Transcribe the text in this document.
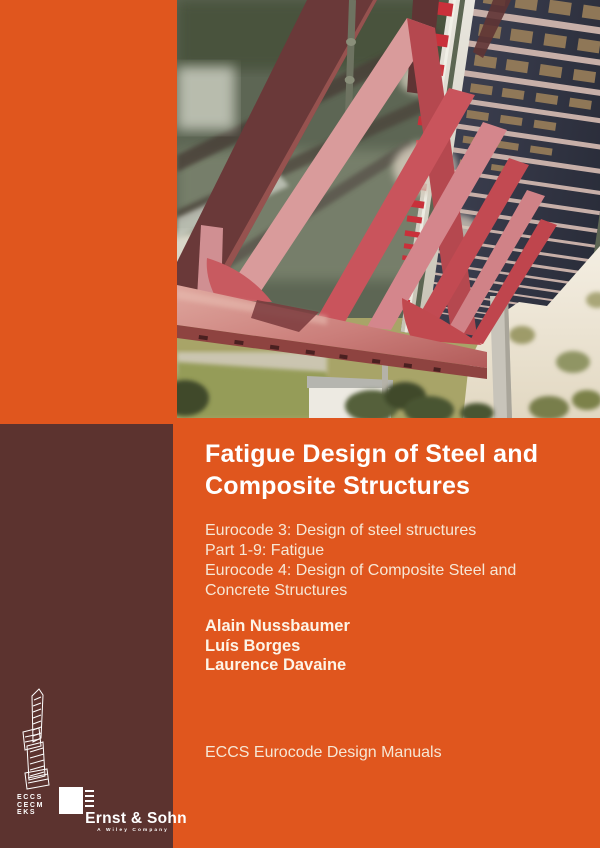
Fatigue Design of Steel and
Composite Structures
Eurocode 3: Design of steel structures
Part 1-9: Fatigue
Eurocode 4: Design of Composite Steel and
Concrete Structures
Alain Nussbaumer
Luís Borges
Laurence Davaine
ECCS Eurocode Design Manuals
ECCS
CECM
EKS	Ernst & Sohn
A Wiley Company
